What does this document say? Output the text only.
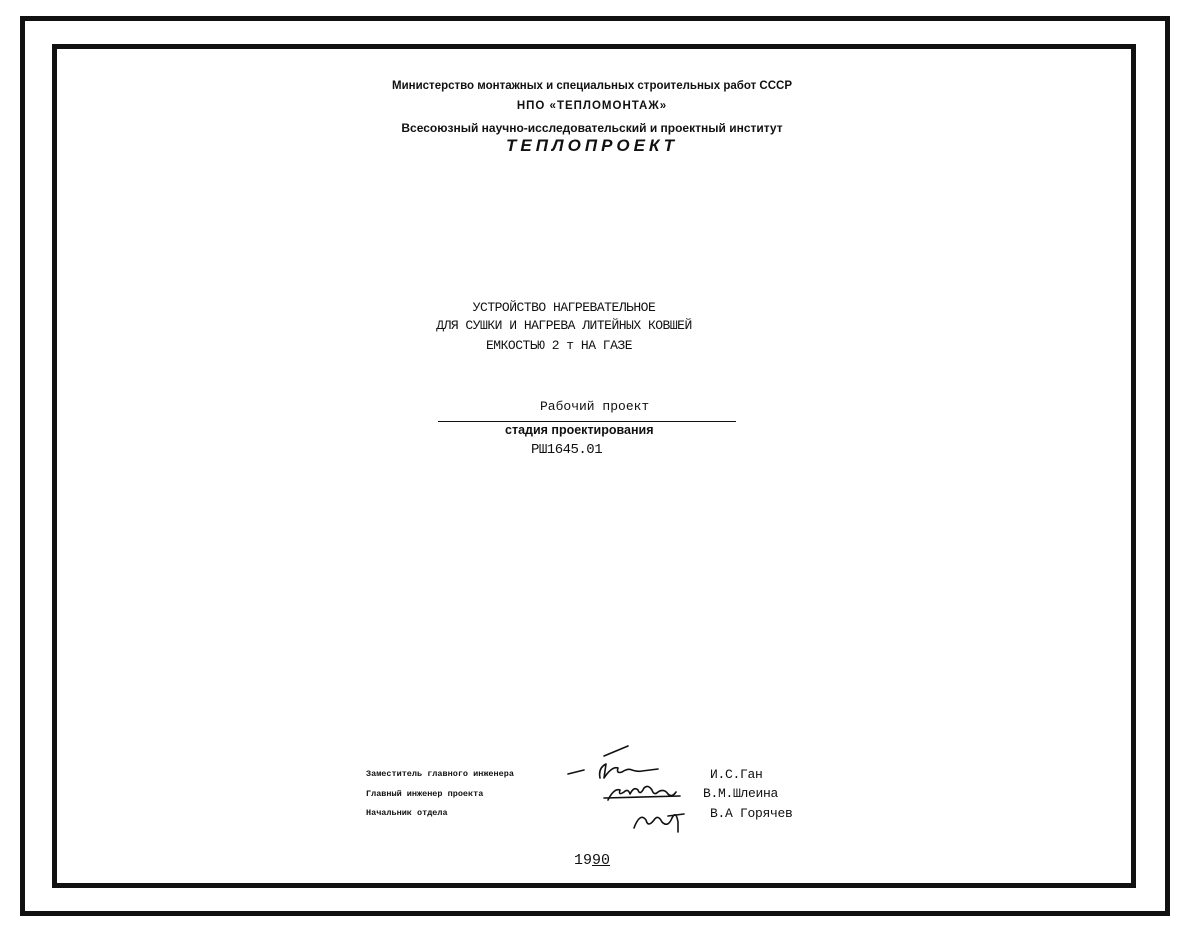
Министерство монтажных и специальных строительных работ СССР
НПО «ТЕПЛОМОНТАЖ»
Всесоюзный научно-исследовательский и проектный институт
ТЕПЛОПРОЕКТ
УСТРОЙСТВО НАГРЕВАТЕЛЬНОЕ
ДЛЯ СУШКИ И НАГРЕВА ЛИТЕЙНЫХ КОВШЕЙ
ЕМКОСТЬЮ 2 т НА ГАЗЕ
Рабочий проект
стадия проектирования
РШ1645.01
Заместитель главного инженера
Главный инженер проекта
Начальник отдела
И.С.Ган
В.М.Шлеина
В.А Горячев
1990
